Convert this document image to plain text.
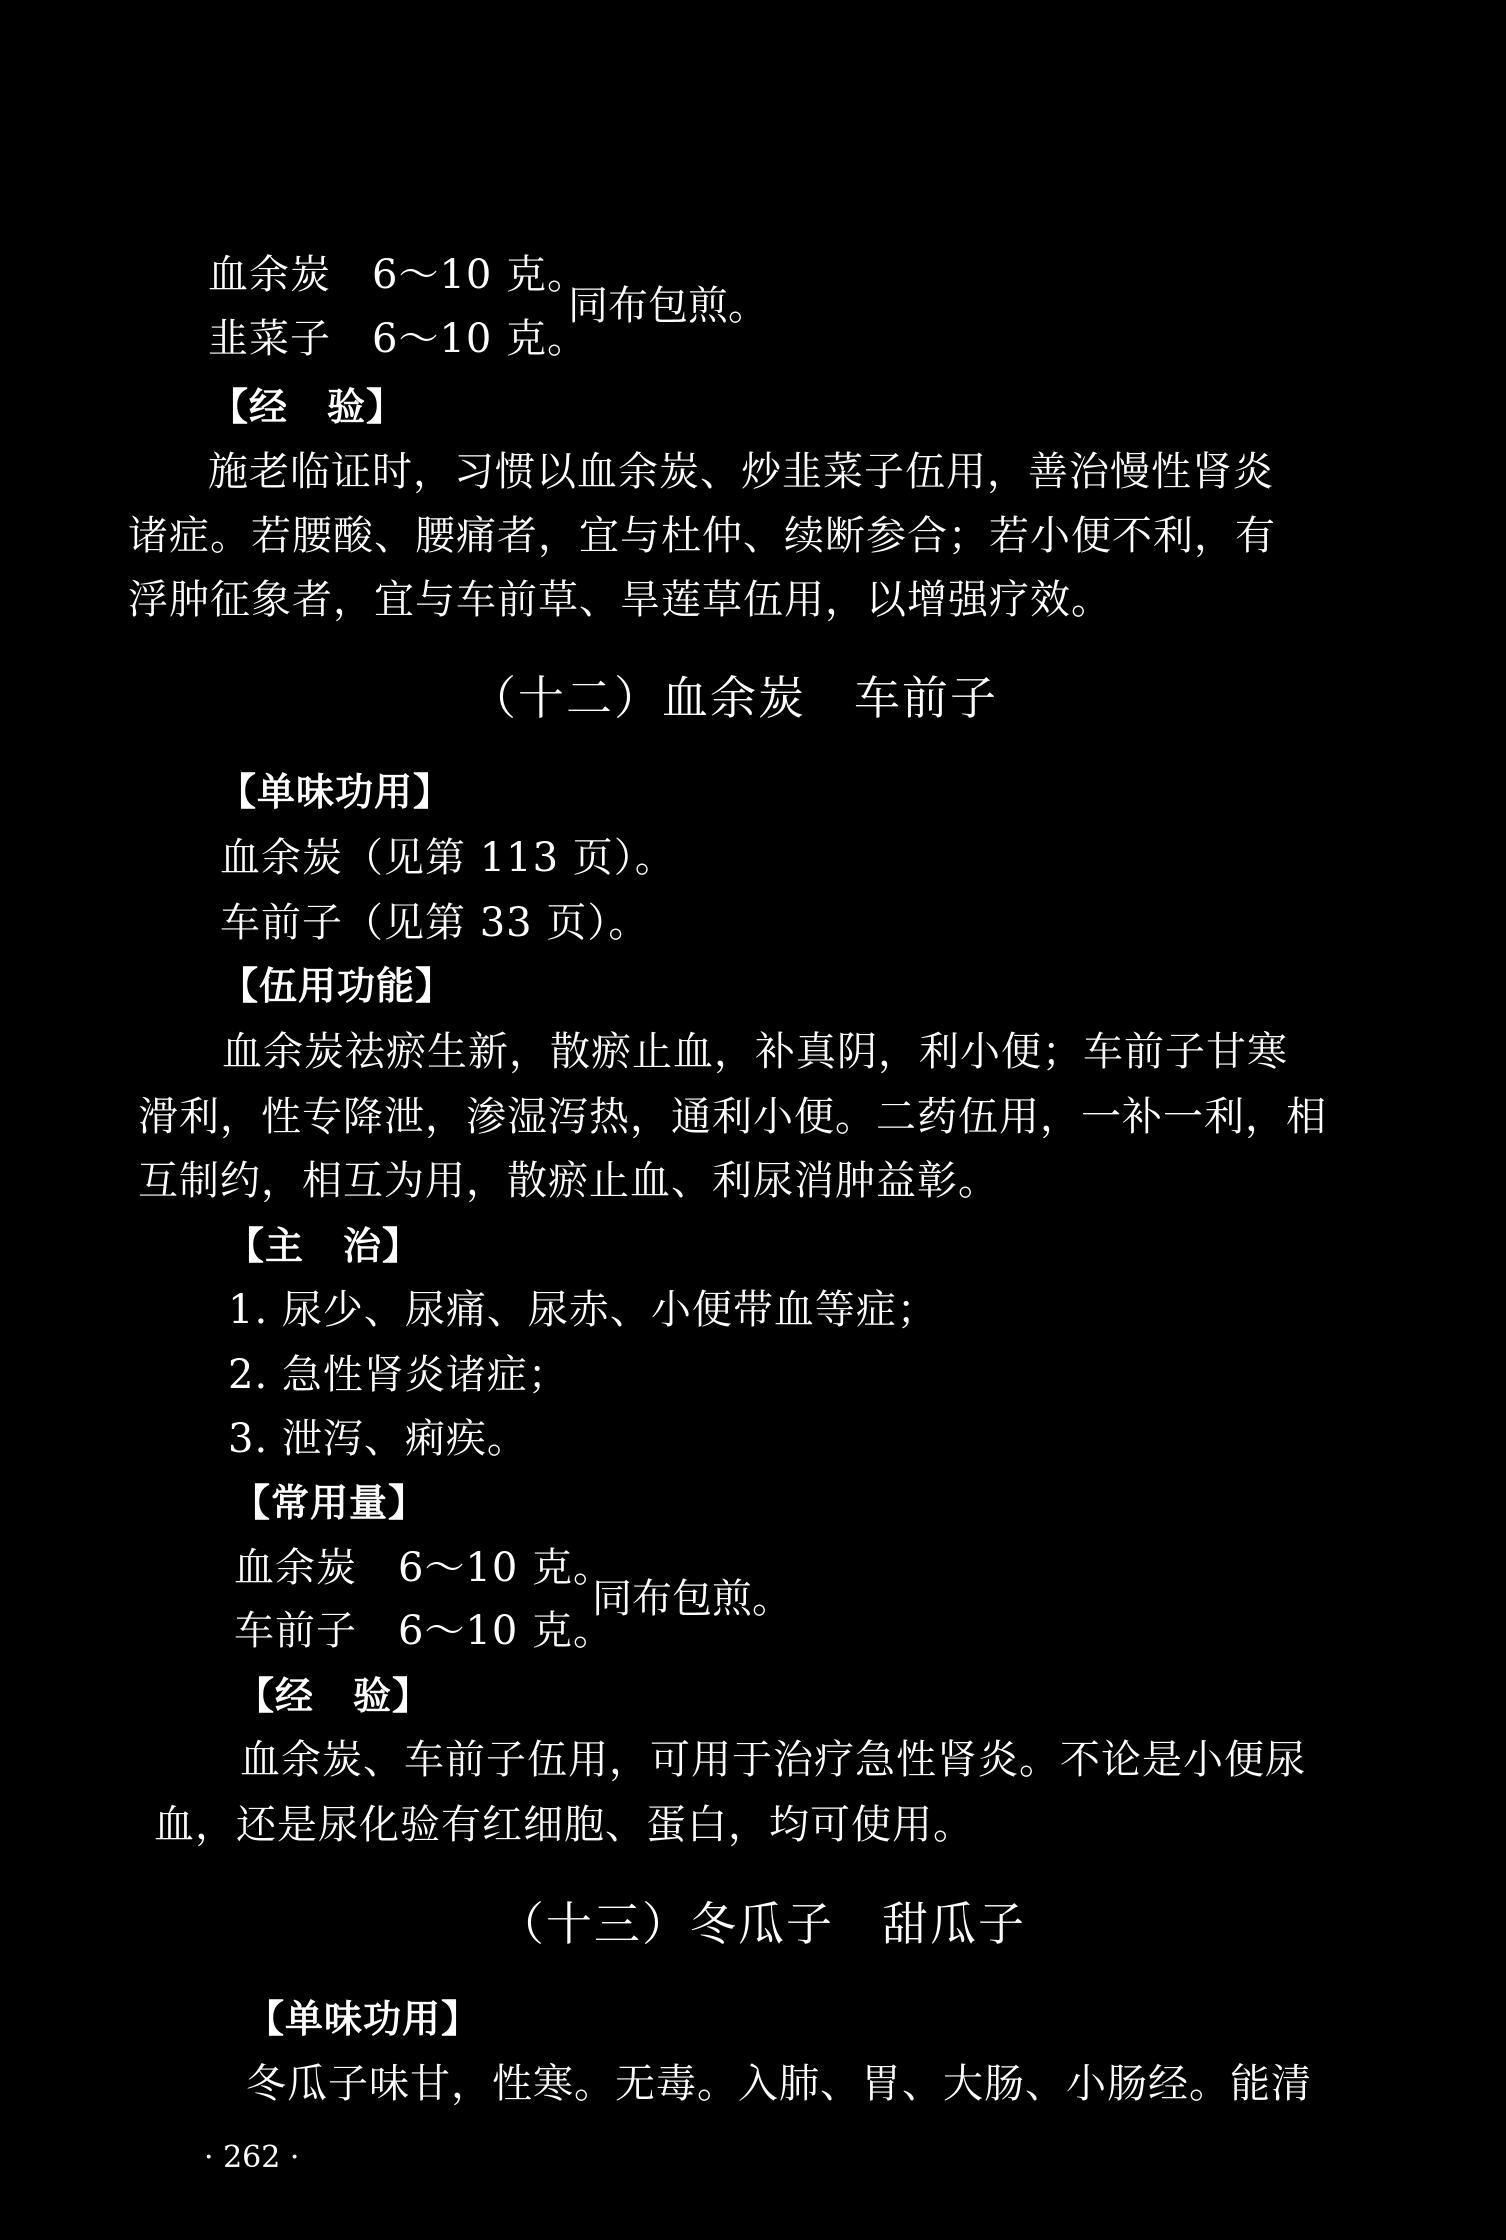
血余炭　6～10 克。
韭菜子　6～10 克。
同布包煎。
【经　验】
施老临证时，习惯以血余炭、炒韭菜子伍用，善治慢性肾炎
诸症。若腰酸、腰痛者，宜与杜仲、续断参合；若小便不利，有
浮肿征象者，宜与车前草、旱莲草伍用，以增强疗效。
（十二）血余炭　车前子
【单味功用】
血余炭（见第 113 页）。
车前子（见第 33 页）。
【伍用功能】
血余炭祛瘀生新，散瘀止血，补真阴，利小便；车前子甘寒
滑利，性专降泄，渗湿泻热，通利小便。二药伍用，一补一利，相
互制约，相互为用，散瘀止血、利尿消肿益彰。
【主　治】
1. 尿少、尿痛、尿赤、小便带血等症；
2. 急性肾炎诸症；
3. 泄泻、痢疾。
【常用量】
血余炭　6～10 克。
车前子　6～10 克。
同布包煎。
【经　验】
血余炭、车前子伍用，可用于治疗急性肾炎。不论是小便尿
血，还是尿化验有红细胞、蛋白，均可使用。
（十三）冬瓜子　甜瓜子
【单味功用】
冬瓜子味甘，性寒。无毒。入肺、胃、大肠、小肠经。能清
· 262 ·
